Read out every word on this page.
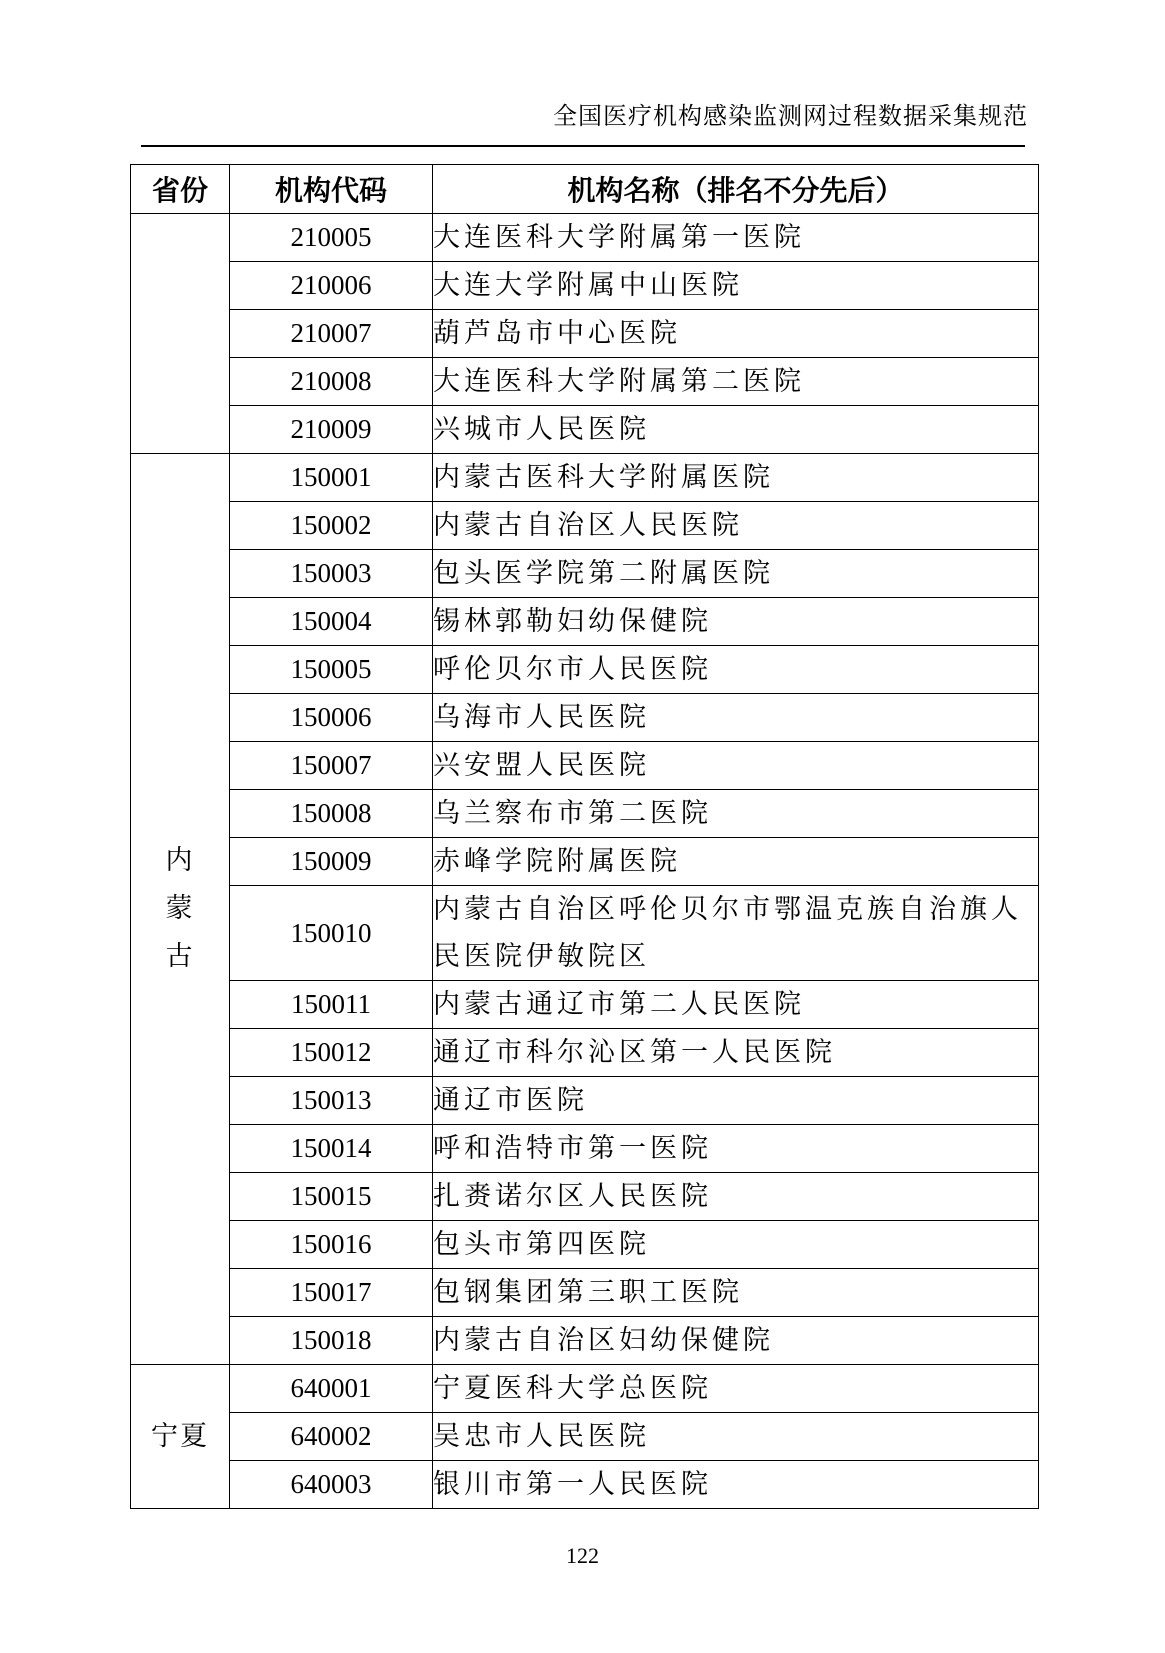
全国医疗机构感染监测网过程数据采集规范
省份	机构代码	机构名称（排名不分先后）
	210005	大连医科大学附属第一医院
	210006	大连大学附属中山医院
	210007	葫芦岛市中心医院
	210008	大连医科大学附属第二医院
	210009	兴城市人民医院
内蒙古	150001	内蒙古医科大学附属医院
	150002	内蒙古自治区人民医院
	150003	包头医学院第二附属医院
	150004	锡林郭勒妇幼保健院
	150005	呼伦贝尔市人民医院
	150006	乌海市人民医院
	150007	兴安盟人民医院
	150008	乌兰察布市第二医院
	150009	赤峰学院附属医院
	150010	内蒙古自治区呼伦贝尔市鄂温克族自治旗人民医院伊敏院区
	150011	内蒙古通辽市第二人民医院
	150012	通辽市科尔沁区第一人民医院
	150013	通辽市医院
	150014	呼和浩特市第一医院
	150015	扎赉诺尔区人民医院
	150016	包头市第四医院
	150017	包钢集团第三职工医院
	150018	内蒙古自治区妇幼保健院
宁夏	640001	宁夏医科大学总医院
	640002	吴忠市人民医院
	640003	银川市第一人民医院
122
